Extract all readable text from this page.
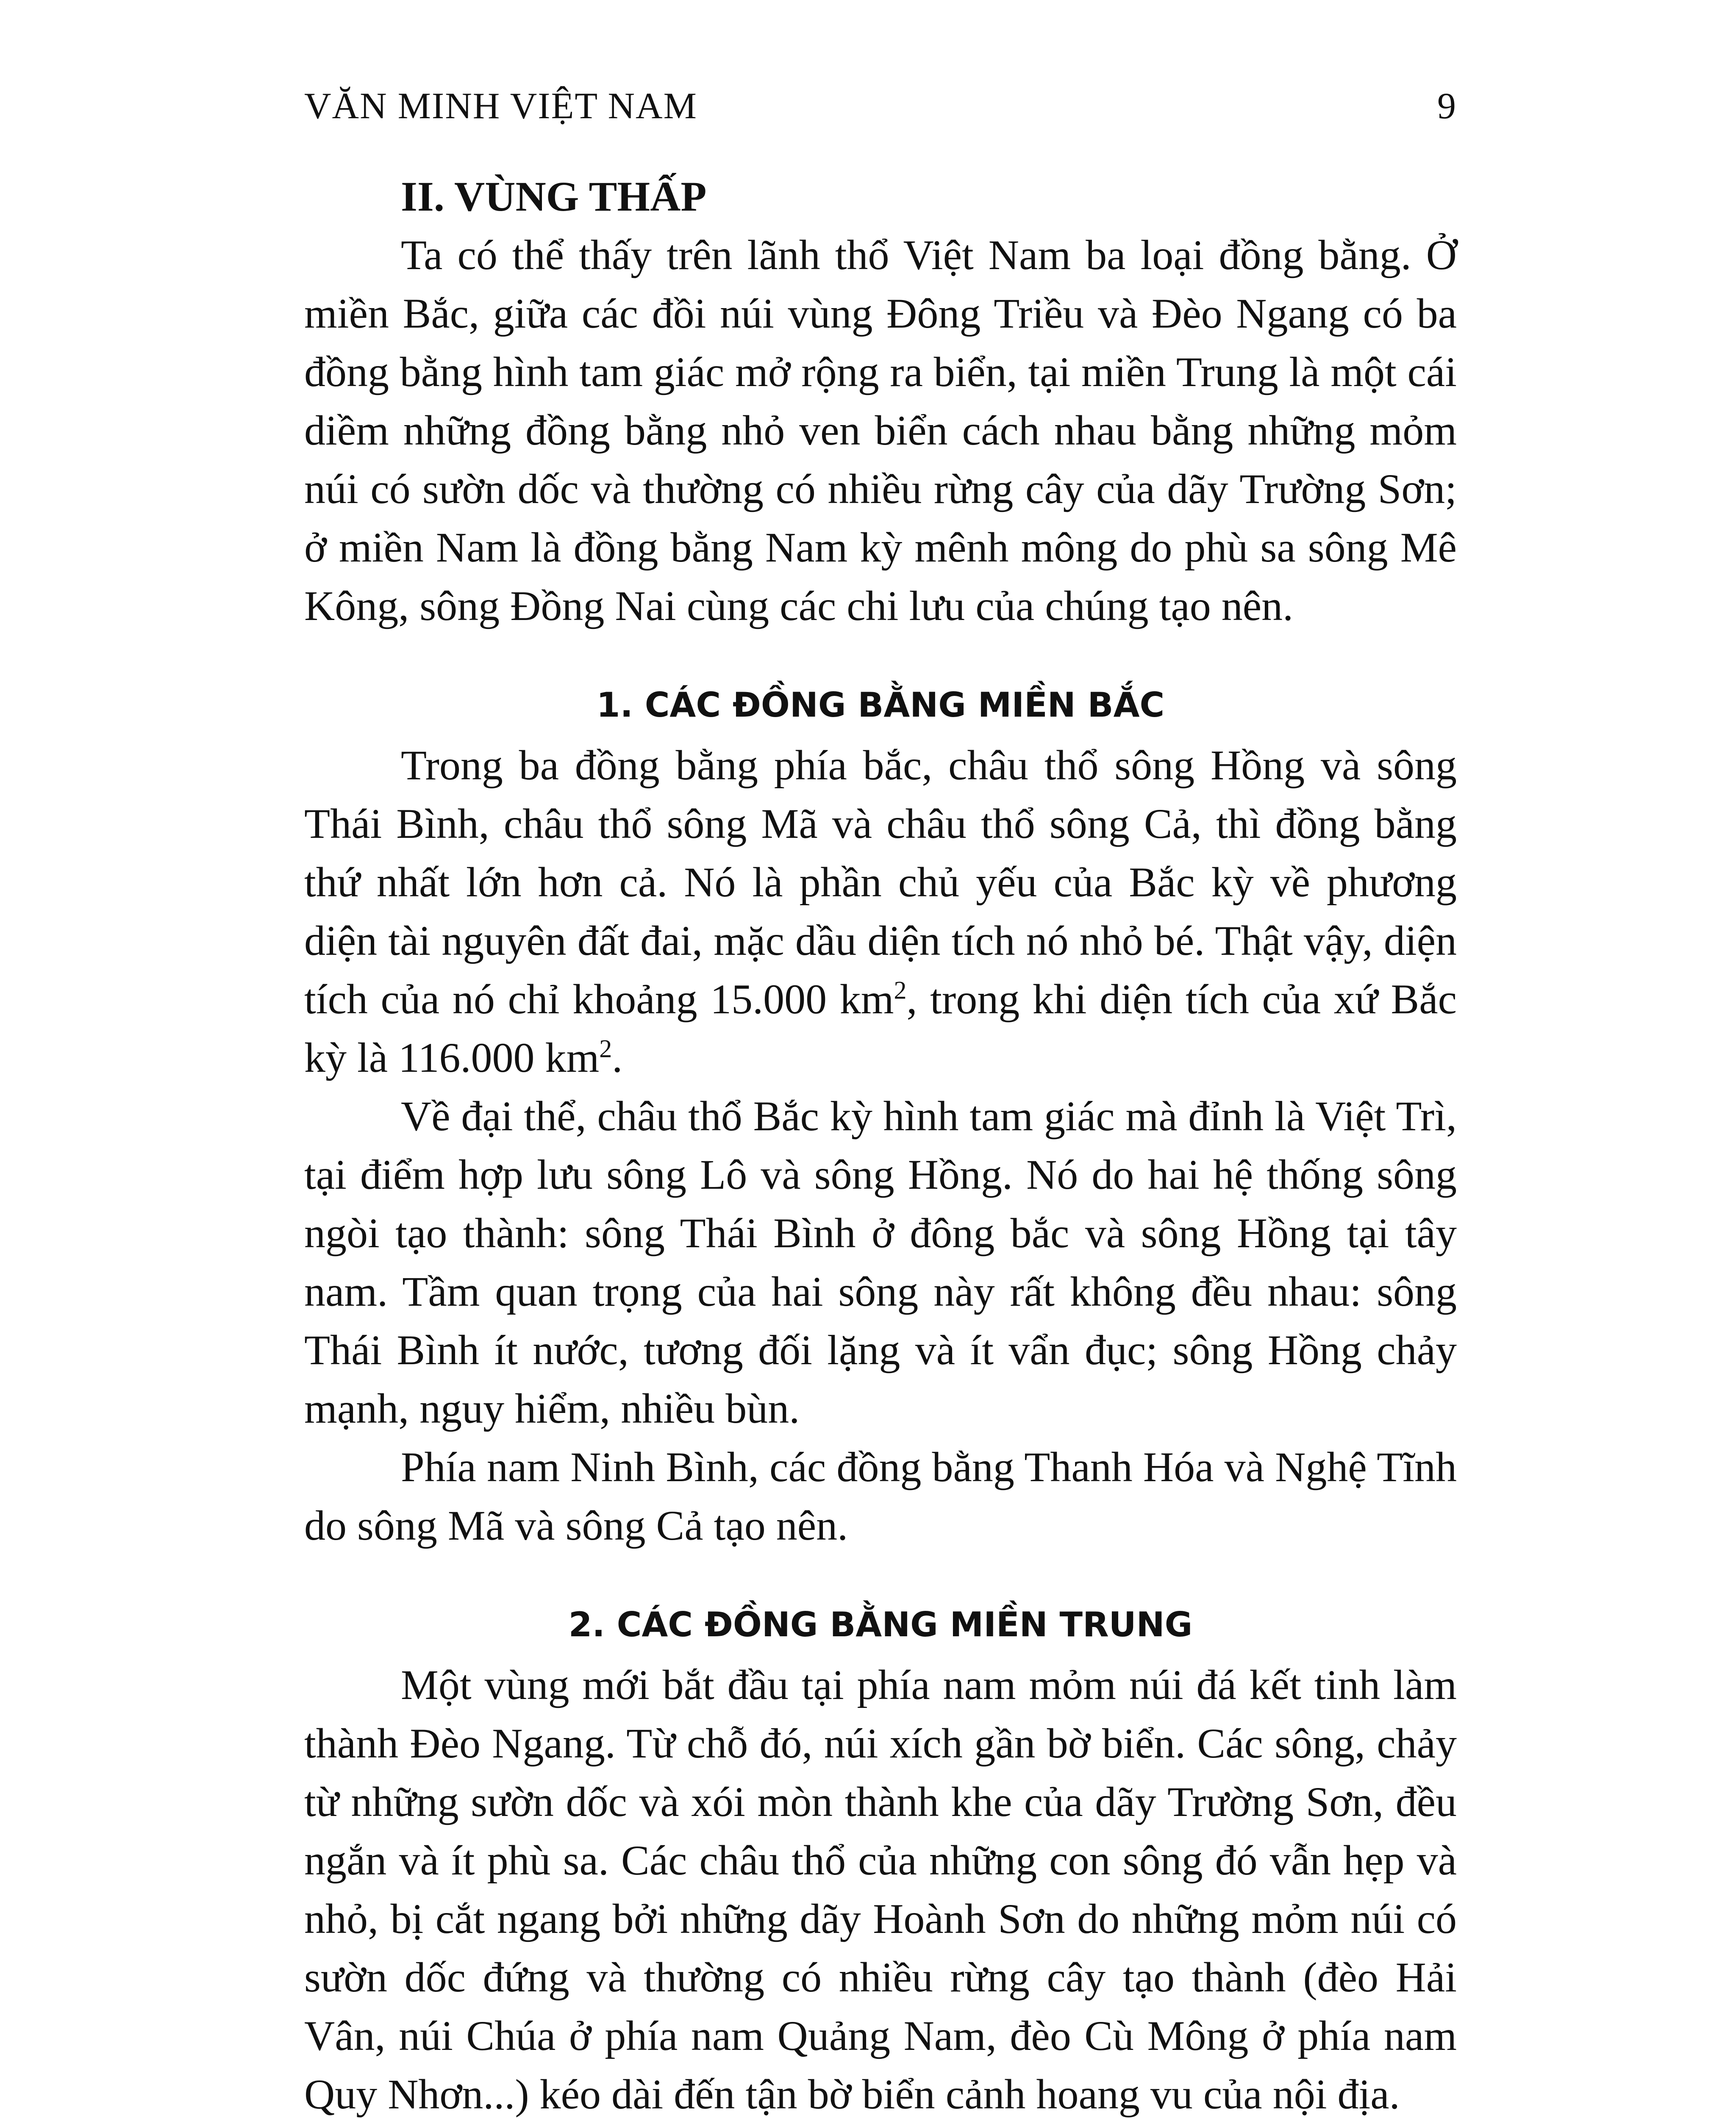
VĂN MINH VIỆT NAM	9
II. VÙNG THẤP

Ta có thể thấy trên lãnh thổ Việt Nam ba loại đồng bằng. Ở miền Bắc, giữa các đồi núi vùng Đông Triều và Đèo Ngang có ba đồng bằng hình tam giác mở rộng ra biển, tại miền Trung là một cái diềm những đồng bằng nhỏ ven biển cách nhau bằng những mỏm núi có sườn dốc và thường có nhiều rừng cây của dãy Trường Sơn; ở miền Nam là đồng bằng Nam kỳ mênh mông do phù sa sông Mê Kông, sông Đồng Nai cùng các chi lưu của chúng tạo nên.

1. CÁC ĐỒNG BẰNG MIỀN BẮC

Trong ba đồng bằng phía bắc, châu thổ sông Hồng và sông Thái Bình, châu thổ sông Mã và châu thổ sông Cả, thì đồng bằng thứ nhất lớn hơn cả. Nó là phần chủ yếu của Bắc kỳ về phương diện tài nguyên đất đai, mặc dầu diện tích nó nhỏ bé. Thật vậy, diện tích của nó chỉ khoảng 15.000 $km^2$, trong khi diện tích của xứ Bắc kỳ là 116.000 $km^2$.

Về đại thể, châu thổ Bắc kỳ hình tam giác mà đỉnh là Việt Trì, tại điểm hợp lưu sông Lô và sông Hồng. Nó do hai hệ thống sông ngòi tạo thành: sông Thái Bình ở đông bắc và sông Hồng tại tây nam. Tầm quan trọng của hai sông này rất không đều nhau: sông Thái Bình ít nước, tương đối lặng và ít vẩn đục; sông Hồng chảy mạnh, nguy hiểm, nhiều bùn.

Phía nam Ninh Bình, các đồng bằng Thanh Hóa và Nghệ Tĩnh do sông Mã và sông Cả tạo nên.

2. CÁC ĐỒNG BẰNG MIỀN TRUNG

Một vùng mới bắt đầu tại phía nam mỏm núi đá kết tinh làm thành Đèo Ngang. Từ chỗ đó, núi xích gần bờ biển. Các sông, chảy từ những sườn dốc và xói mòn thành khe của dãy Trường Sơn, đều ngắn và ít phù sa. Các châu thổ của những con sông đó vẫn hẹp và nhỏ, bị cắt ngang bởi những dãy Hoành Sơn do những mỏm núi có sườn dốc đứng và thường có nhiều rừng cây tạo thành (đèo Hải Vân, núi Chúa ở phía nam Quảng Nam, đèo Cù Mông ở phía nam Quy Nhơn...) kéo dài đến tận bờ biển cảnh hoang vu của nội địa.
